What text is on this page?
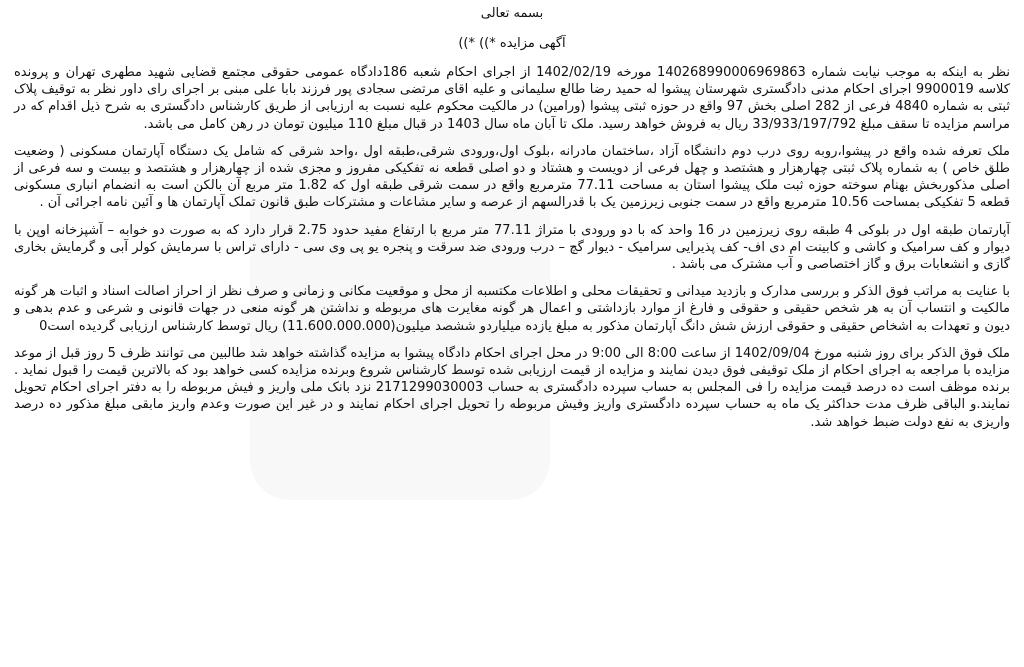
بسمه تعالی
آگهی مزایده *)) *))

نظر به اینکه به موجب نیابت شماره 140268990006969863 مورخه 1402/02/19 از اجرای احکام شعبه 186دادگاه عمومی حقوقی مجتمع قضایی شهید مطهری تهران و پرونده کلاسه 9900019 اجرای احکام مدنی دادگستری شهرستان پیشوا له حمید رضا طالع سلیمانی و علیه اقای مرتضی سجادی پور فرزند بابا علی مبنی بر اجرای رای داور نظر به توقیف پلاک ثبتی به شماره 4840 فرعی از 282 اصلی بخش 97 واقع در حوزه ثبتی پیشوا (ورامین) در مالکیت محکوم علیه نسبت به ارزیابی از طریق کارشناس دادگستری به شرح ذیل اقدام که در مراسم مزایده تا سقف مبلغ 33/933/197/792 ریال به فروش خواهد رسید. ملک تا آبان ماه سال 1403 در قبال مبلغ 110 میلیون تومان در رهن کامل می باشد.

ملک تعرفه شده واقع در پیشوا،روبه روی درب دوم دانشگاه آزاد ،ساختمان مادرانه ،بلوک اول،ورودی شرقی،طبقه اول ،واحد شرقی که شامل یک دستگاه آپارتمان مسکونی ( وضعیت طلق خاص ) به شماره پلاک ثبتی چهارهزار و هشتصد و چهل فرعی از دویست و هشتاد و دو اصلی قطعه نه تفکیکی مفروز و مجزی شده از چهارهزار و هشتصد و بیست و سه فرعی از اصلی مذکوربخش بهنام سوخته حوزه ثبت ملک پیشوا استان به مساحت 77.11 مترمربع واقع در سمت شرقی طبقه اول که 1.82 متر مربع آن بالکن است به انضمام انباری مسکونی قطعه 5 تفکیکی بمساحت 10.56 مترمربع واقع در سمت جنوبی زیرزمین یک با قدرالسهم از عرصه و سایر مشاعات و مشترکات طبق قانون تملک آپارتمان ها و آئین نامه اجرائی آن .

آپارتمان طبقه اول در بلوکی 4 طبقه روی زیرزمین در 16 واحد که با دو ورودی با متراژ 77.11 متر مربع با ارتفاع مفید حدود 2.75 قرار دارد که به صورت دو خوابه – آشپزخانه اوپن با دیوار و کف سرامیک و کاشی و کابینت ام دی اف- کف پذیرایی سرامیک - دیوار گچ – درب ورودی ضد سرقت و پنجره یو پی وی سی - دارای تراس با سرمایش کولر آبی و گرمایش بخاری گازی و انشعابات برق و گاز اختصاصی و آب مشترک می باشد .

با عنایت به مراتب فوق الذکر و بررسی مدارک و بازدید میدانی و تحقیقات محلی و اطلاعات مکتسبه از محل و موقعیت مکانی و زمانی و صرف نظر از احراز اصالت اسناد و اثبات هر گونه مالکیت و انتساب آن به هر شخص حقیقی و حقوقی و فارغ از موارد بازداشتی و اعمال هر گونه مغایرت های مربوطه و نداشتن هر گونه منعی در جهات قانونی و شرعی و عدم بدهی و دیون و تعهدات به اشخاص حقیقی و حقوقی ارزش شش دانگ آپارتمان مذکور به مبلغ یازده میلیاردو ششصد میلیون(11.600.000.000) ریال توسط کارشناس ارزیابی گردیده است0

ملک فوق الذکر برای روز شنبه مورخ 1402/09/04 از ساعت 8:00 الی 9:00 در محل اجرای احکام دادگاه پیشوا به مزایده گذاشته خواهد شد طالبین می توانند ظرف 5 روز قبل از موعد مزایده با مراجعه به اجرای احکام از ملک توقیفی فوق دیدن نمایند و مزایده از قیمت ارزیابی شده توسط کارشناس شروع وبرنده مزایده کسی خواهد بود که بالاترین قیمت را قبول نماید . برنده موظف است ده درصد قیمت مزایده را فی المجلس به حساب سپرده دادگستری به حساب 2171299030003 نزد بانک ملی واریز و فیش مربوطه را به دفتر اجرای احکام تحویل نمایند.و الباقی ظرف مدت حداکثر یک ماه به حساب سپرده دادگستری واریز وفیش مربوطه را تحویل اجرای احکام نمایند و در غیر این صورت وعدم واریز مابقی مبلغ مذکور ده درصد واریزی به نفع دولت ضبط خواهد شد.
